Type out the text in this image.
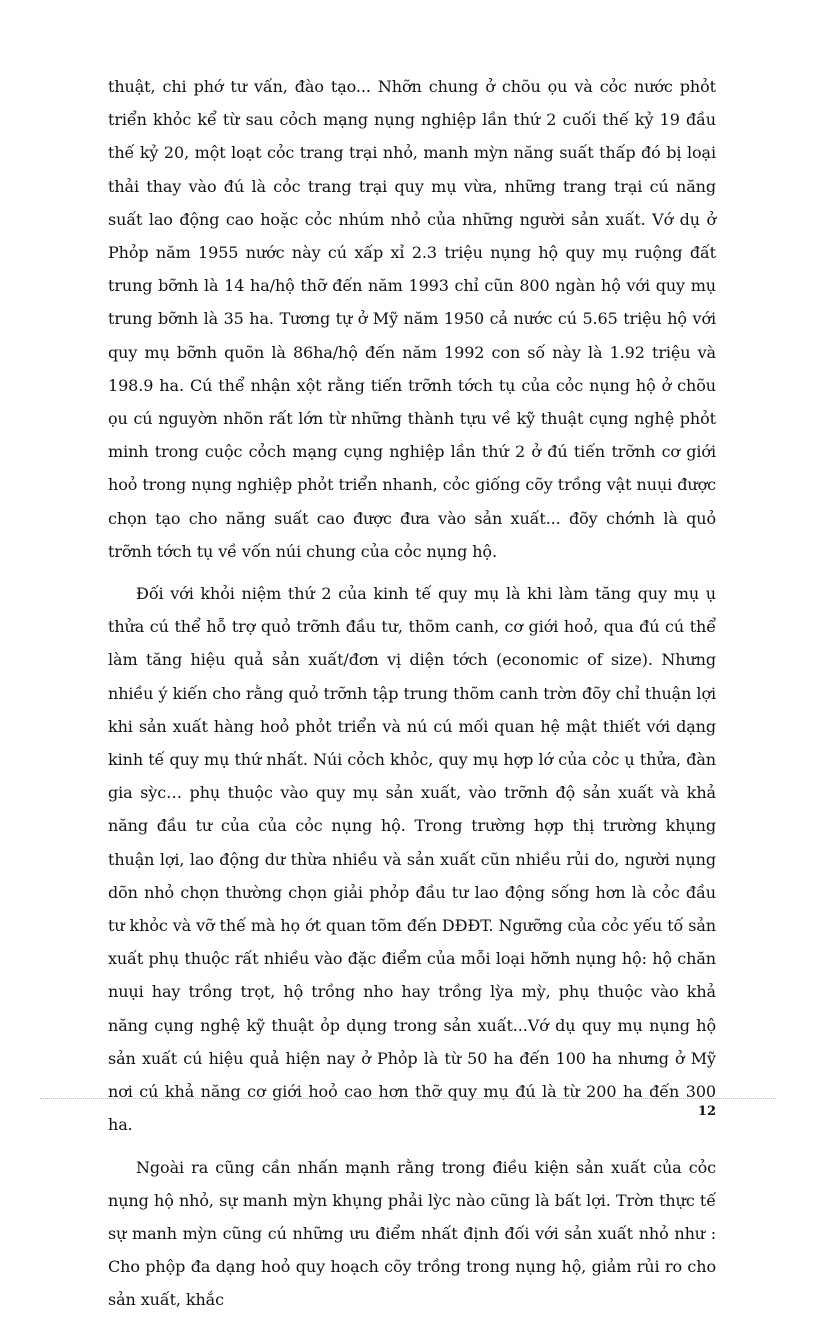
thuật, chi phớ tư vấn, đào tạo... Nhỡn chung ở chõu ọu và cỏc nước phỏt triển khỏc kể từ sau cỏch mạng nụng nghiệp lần thứ 2 cuối thế kỷ 19 đầu thế kỷ 20, một loạt cỏc trang trại nhỏ, manh mỳn năng suất thấp đó bị loại thải thay vào đú là cỏc trang trại quy mụ vừa, những trang trại cú năng suất lao động cao hoặc cỏc nhúm nhỏ của những người sản xuất. Vớ dụ ở Phỏp năm 1955 nước này cú xấp xỉ 2.3 triệu nụng hộ quy mụ ruộng đất trung bỡnh là 14 ha/hộ thỡ đến năm 1993 chỉ cũn 800 ngàn hộ với quy mụ trung bỡnh là 35 ha. Tương tự ở Mỹ năm 1950 cả nước cú 5.65 triệu hộ với quy mụ bỡnh quõn là 86ha/hộ đến năm 1992 con số này là 1.92 triệu và 198.9 ha. Cú thể nhận xột rằng tiến trỡnh tớch tụ của cỏc nụng hộ ở chõu ọu cú nguyờn nhõn rất lớn từ những thành tựu về kỹ thuật cụng nghệ phỏt minh trong cuộc cỏch mạng cụng nghiệp lần thứ 2 ở đú tiến trỡnh cơ giới hoỏ trong nụng nghiệp phỏt triển nhanh, cỏc giống cõy trồng vật nuụi được chọn tạo cho năng suất cao được đưa vào sản xuất... đõy chớnh là quỏ trỡnh tớch tụ về vốn núi chung của cỏc nụng hộ.

Đối với khỏi niệm thứ 2 của kinh tế quy mụ là khi làm tăng quy mụ ụ thửa cú thể hỗ trợ quỏ trỡnh đầu tư, thõm canh, cơ giới hoỏ, qua đú cú thể làm tăng hiệu quả sản xuất/đơn vị diện tớch (economic of size). Nhưng nhiều ý kiến cho rằng quỏ trỡnh tập trung thõm canh trờn đõy chỉ thuận lợi khi sản xuất hàng hoỏ phỏt triển và nú cú mối quan hệ mật thiết với dạng kinh tế quy mụ thứ nhất. Núi cỏch khỏc, quy mụ hợp lớ của cỏc ụ thửa, đàn gia sỳc… phụ thuộc vào quy mụ sản xuất, vào trỡnh độ sản xuất và khả năng đầu tư của của cỏc nụng hộ. Trong trường hợp thị trường khụng thuận lợi, lao động dư thừa nhiều và sản xuất cũn nhiều rủi do, người nụng dõn nhỏ chọn thường chọn giải phỏp đầu tư lao động sống hơn là cỏc đầu tư khỏc và vỡ thế mà họ ớt quan tõm đến DĐĐT. Ngưỡng của cỏc yếu tố sản xuất phụ thuộc rất nhiều vào đặc điểm của mỗi loại hỡnh nụng hộ: hộ chăn nuụi hay trồng trọt, hộ trồng nho hay trồng lỳa mỳ, phụ thuộc vào khả năng cụng nghệ kỹ thuật ỏp dụng trong sản xuất...Vớ dụ quy mụ nụng hộ sản xuất cú hiệu quả hiện nay ở Phỏp là từ 50 ha đến 100 ha nhưng ở Mỹ nơi cú khả năng cơ giới hoỏ cao hơn thỡ quy mụ đú là từ 200 ha đến 300 ha.

Ngoài ra cũng cần nhấn mạnh rằng trong điều kiện sản xuất của cỏc nụng hộ nhỏ, sự manh mỳn khụng phải lỳc nào cũng là bất lợi. Trờn thực tế sự manh mỳn cũng cú những ưu điểm nhất định đối với sản xuất nhỏ như : Cho phộp đa dạng hoỏ quy hoạch cõy trồng trong nụng hộ, giảm rủi ro cho sản xuất, khắc

12
